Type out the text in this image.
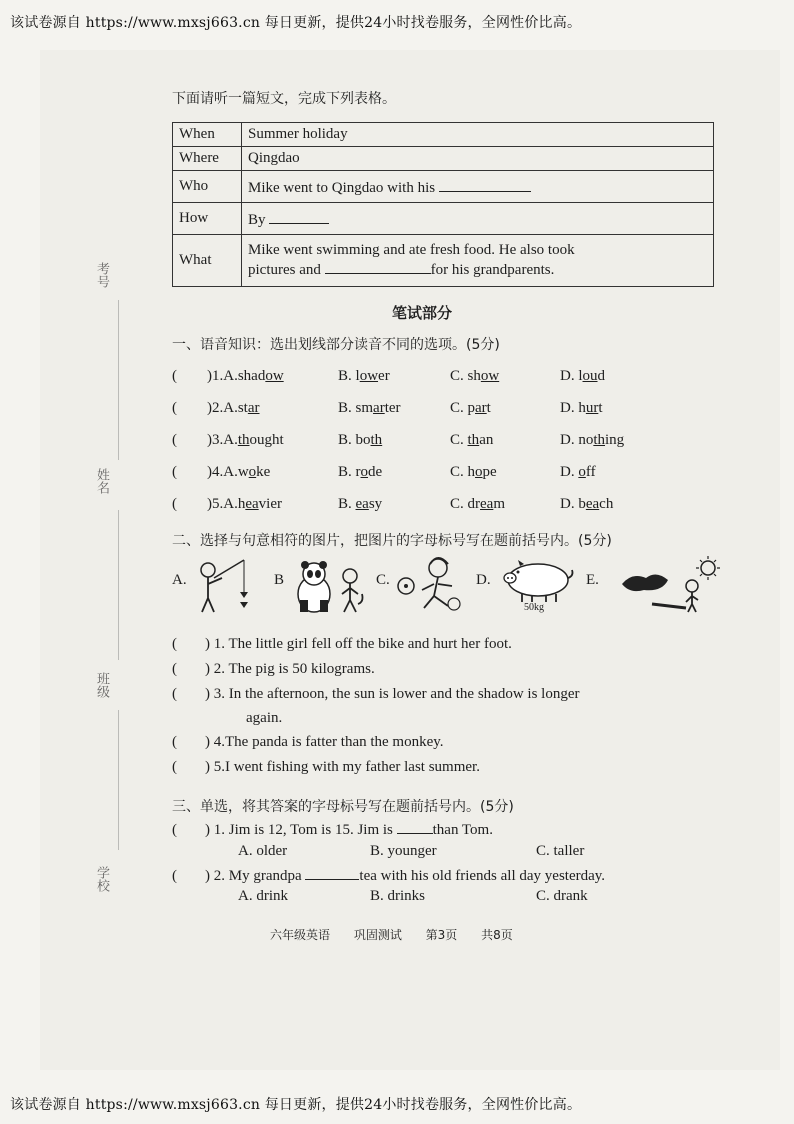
该试卷源自 https://www.mxsj663.cn 每日更新，提供24小时找卷服务，全网性价比高。
考号
姓名
班级
学校
下面请听一篇短文，完成下列表格。
When	Summer holiday
Where	Qingdao
Who	Mike went to Qingdao with his
How	By
What	Mike went swimming and ate fresh food. He also took
pictures and for his grandparents.
笔试部分
一、语音知识：选出划线部分读音不同的选项。(5分)
( )1.A.shadow	B. lower	C. show	D. loud
( )2.A.star	B. smarter	C. part	D. hurt
( )3.A.thought	B. both	C. than	D. nothing
( )4.A.woke	B. rode	C. hope	D. off
( )5.A.heavier	B. easy	C. dream	D. beach
二、选择与句意相符的图片，把图片的字母标号写在题前括号内。(5分)
A.	B	C.	D.
50kg
E.
( ) 1. The little girl fell off the bike and hurt her foot.
( ) 2. The pig is 50 kilograms.
( ) 3. In the afternoon, the sun is lower and the shadow is longer
( ) 4.The panda is fatter than the monkey.
( ) 5.I went fishing with my father last summer.
again.
三、单选，将其答案的字母标号写在题前括号内。(5分)
( ) 1. Jim is 12, Tom is 15. Jim is	than Tom.
A. older	B. younger	C. taller
( ) 2. My grandpa	tea with his old friends all day yesterday.
A. drink	B. drinks	C. drank
六年级英语 巩固测试 第3页 共8页
该试卷源自 https://www.mxsj663.cn 每日更新，提供24小时找卷服务，全网性价比高。
